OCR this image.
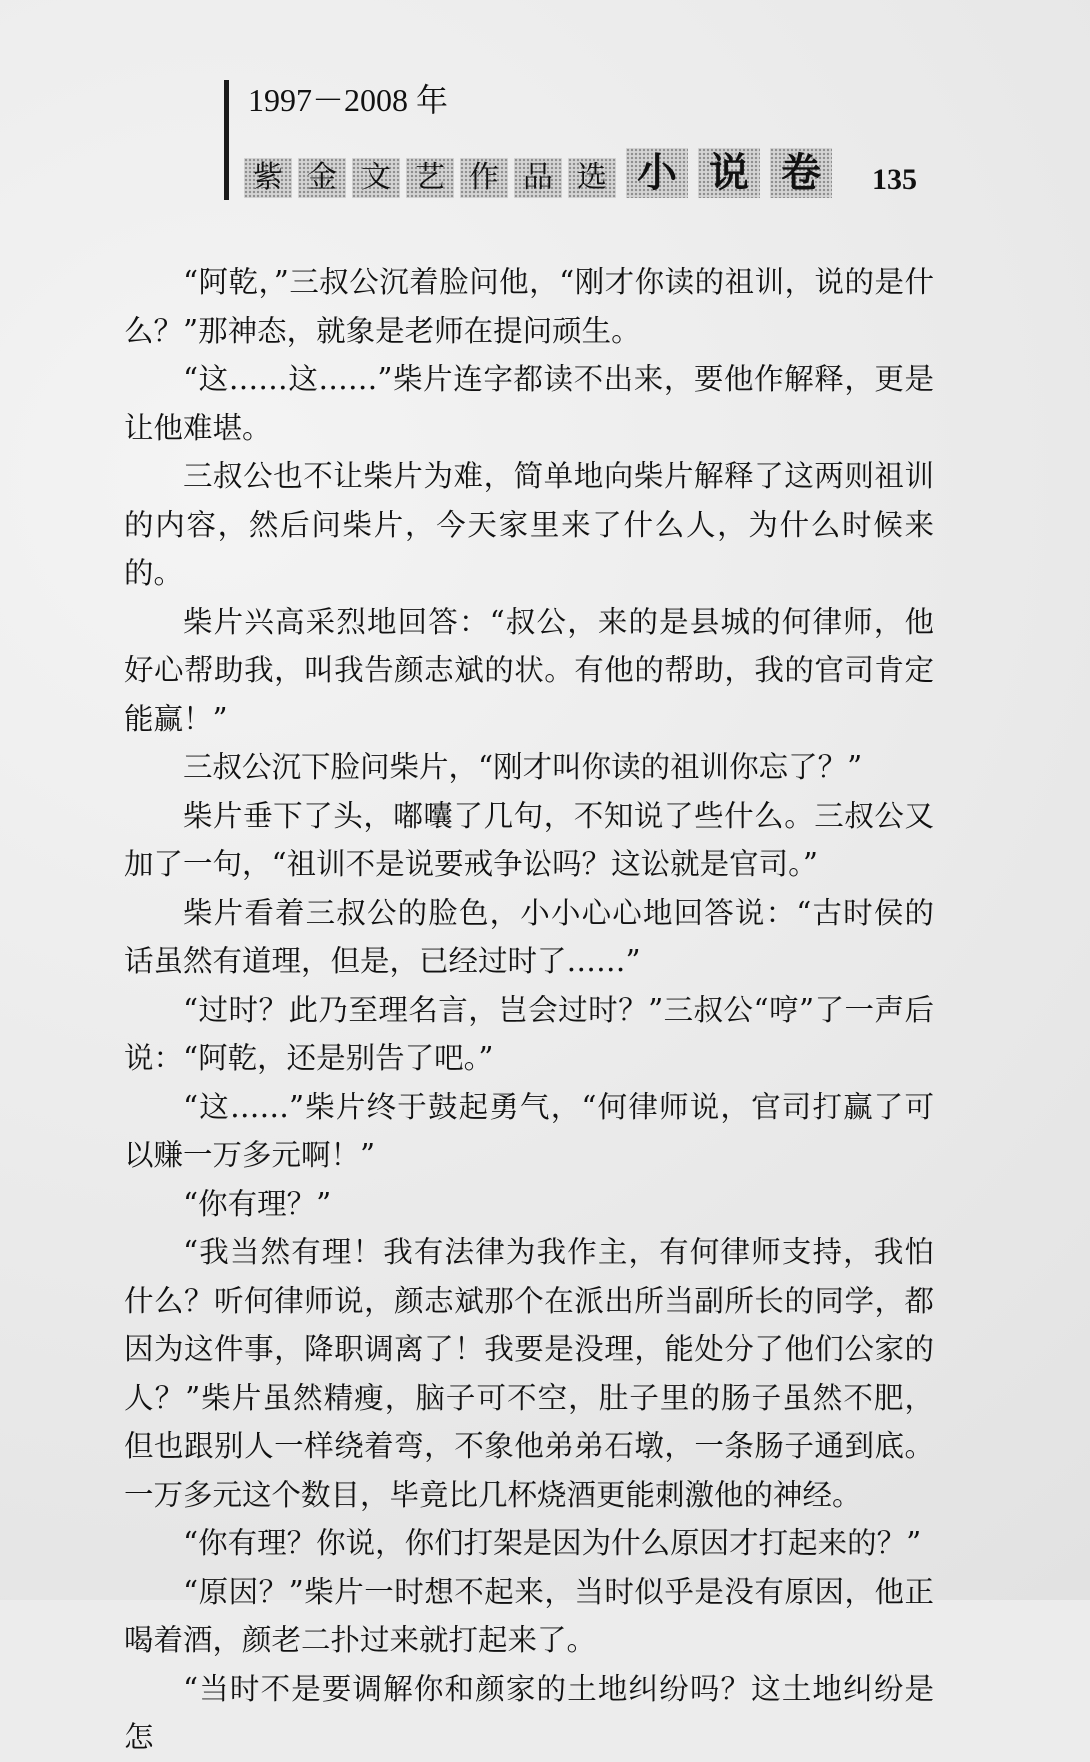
1997－2008 年
紫 金 文 艺 作 品 选 小 说 卷	135

“阿乾，”三叔公沉着脸问他，“刚才你读的祖训，说的是什么？”那神态，就象是老师在提问顽生。

“这……这……”柴片连字都读不出来，要他作解释，更是让他难堪。

三叔公也不让柴片为难，简单地向柴片解释了这两则祖训的内容，然后问柴片，今天家里来了什么人，为什么时候来的。

柴片兴高采烈地回答：“叔公，来的是县城的何律师，他好心帮助我，叫我告颜志斌的状。有他的帮助，我的官司肯定能赢！”

三叔公沉下脸问柴片，“刚才叫你读的祖训你忘了？”

柴片垂下了头，嘟囔了几句，不知说了些什么。三叔公又加了一句，“祖训不是说要戒争讼吗？这讼就是官司。”

柴片看着三叔公的脸色，小小心心地回答说：“古时侯的话虽然有道理，但是，已经过时了……”

“过时？此乃至理名言，岂会过时？”三叔公“哼”了一声后说：“阿乾，还是别告了吧。”

“这……”柴片终于鼓起勇气，“何律师说，官司打赢了可以赚一万多元啊！”

“你有理？”

“我当然有理！我有法律为我作主，有何律师支持，我怕什么？听何律师说，颜志斌那个在派出所当副所长的同学，都因为这件事，降职调离了！我要是没理，能处分了他们公家的人？”柴片虽然精瘦，脑子可不空，肚子里的肠子虽然不肥，但也跟别人一样绕着弯，不象他弟弟石墩，一条肠子通到底。一万多元这个数目，毕竟比几杯烧酒更能刺激他的神经。

“你有理？你说，你们打架是因为什么原因才打起来的？”

“原因？”柴片一时想不起来，当时似乎是没有原因，他正喝着酒，颜老二扑过来就打起来了。

“当时不是要调解你和颜家的土地纠纷吗？这土地纠纷是怎
